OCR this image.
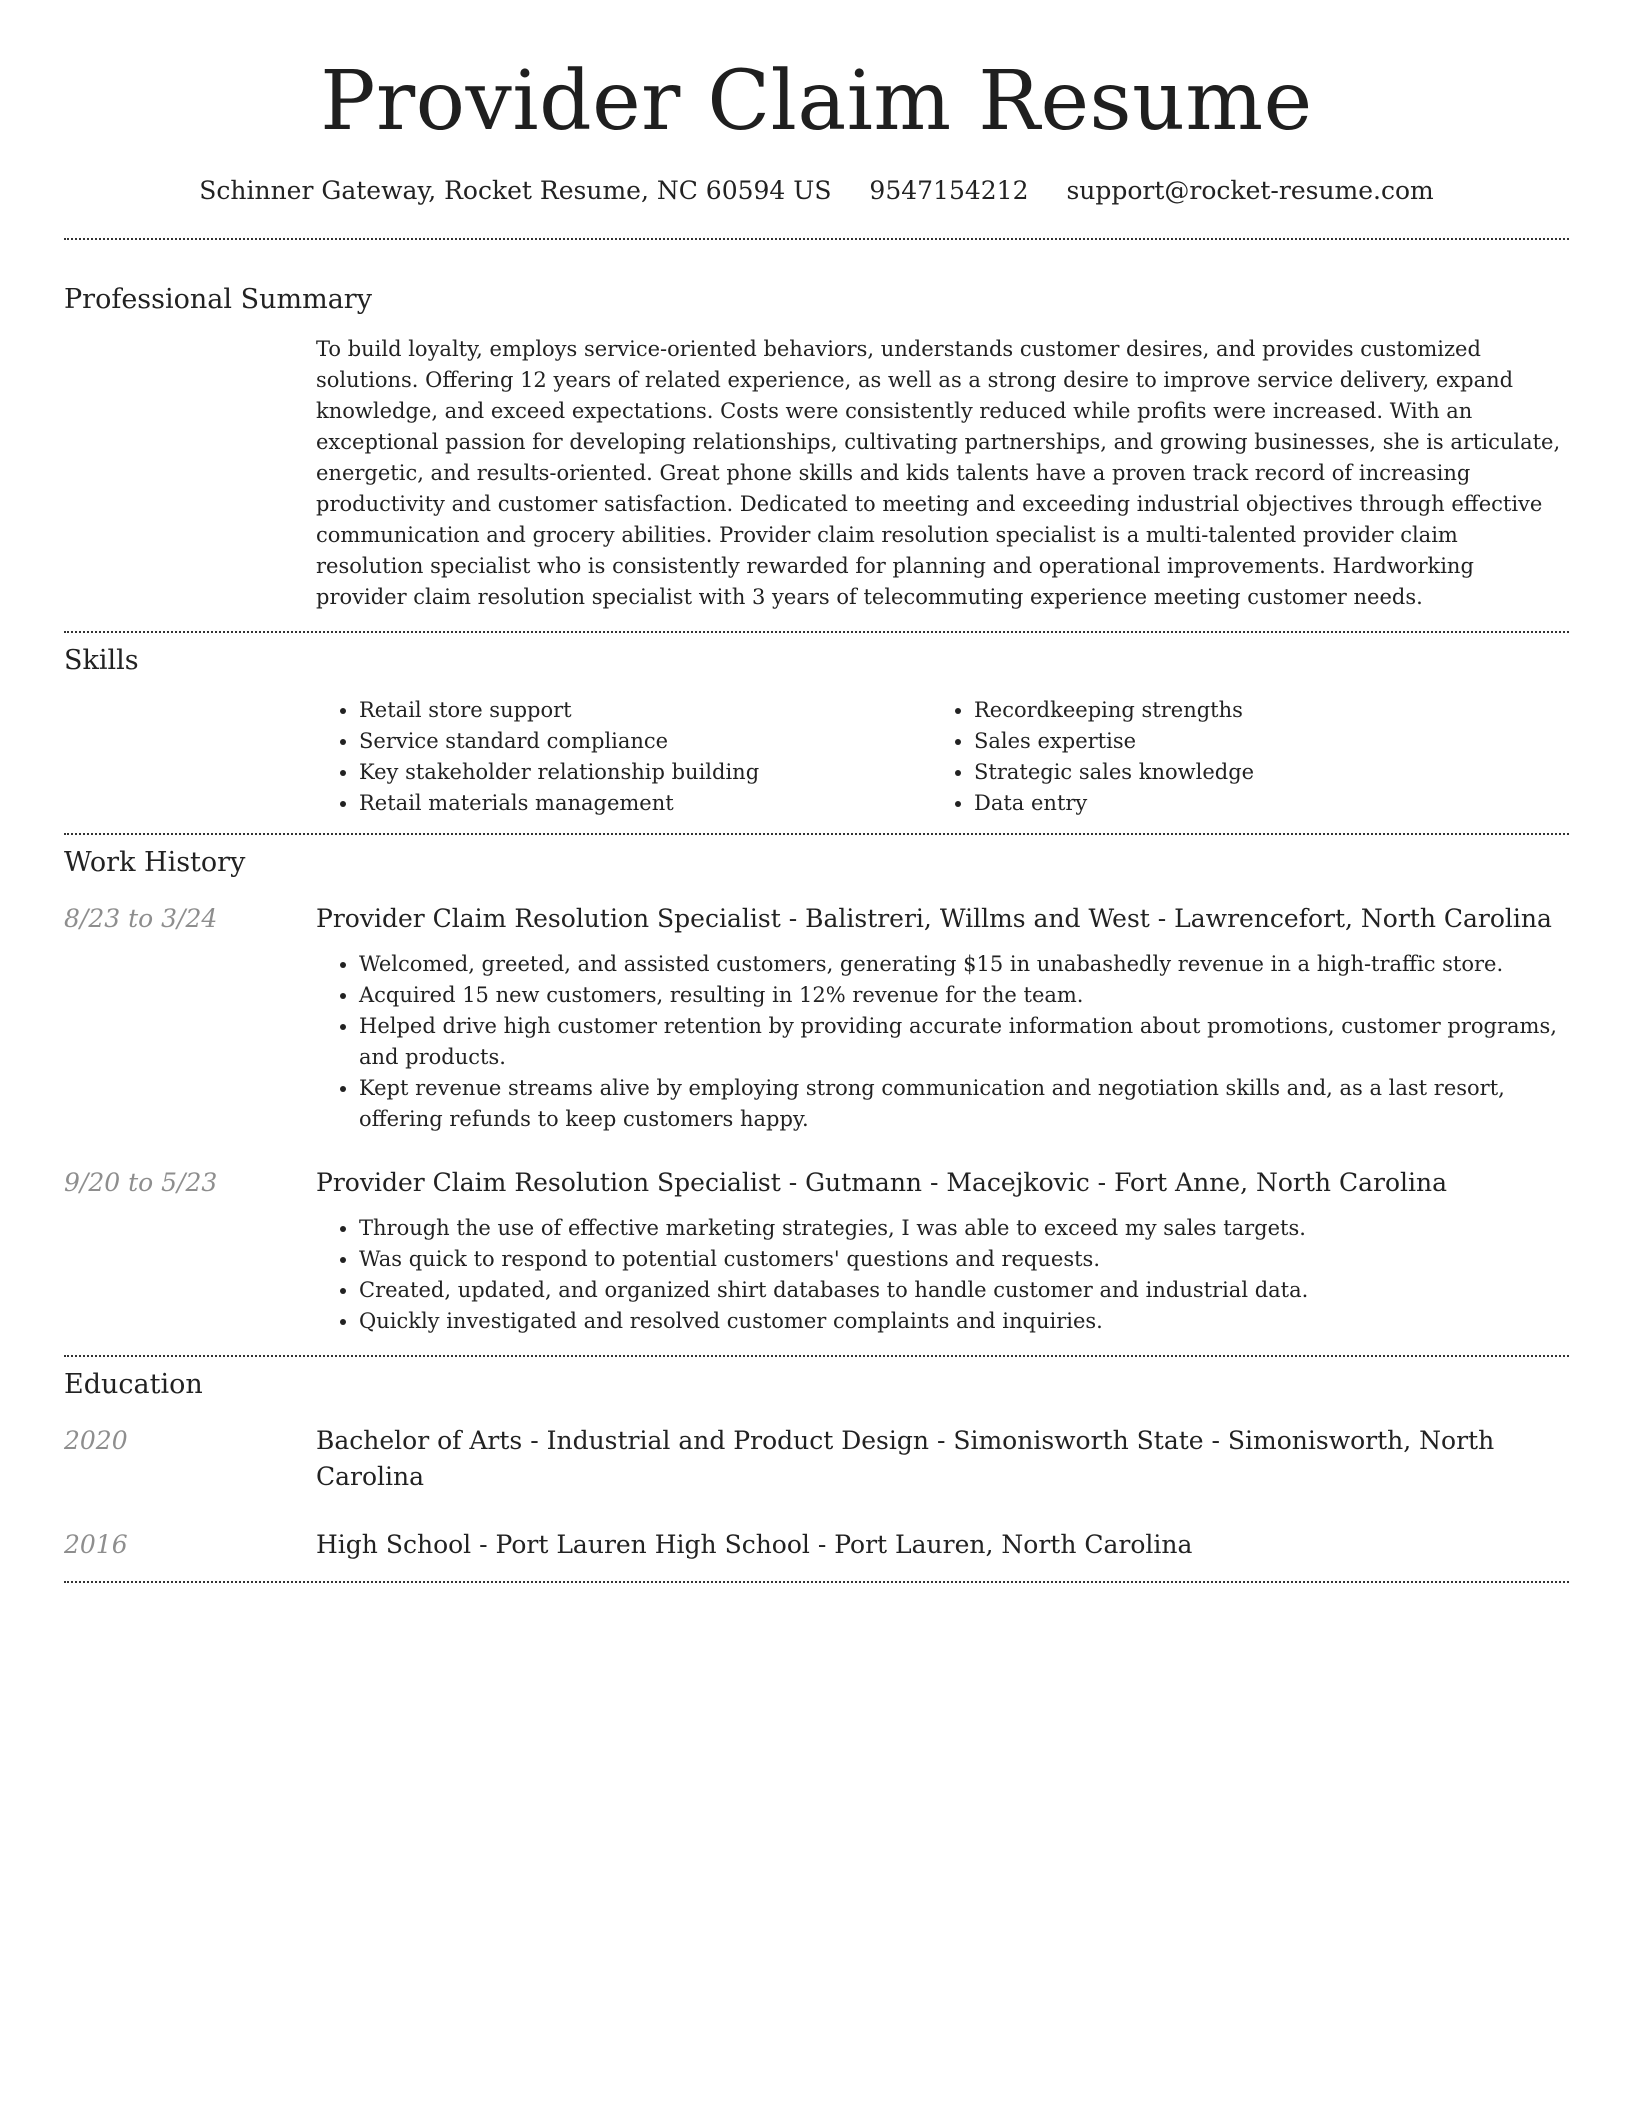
Provider Claim Resume
Schinner Gateway, Rocket Resume, NC 60594 US 9547154212 support@rocket-resume.com
Professional Summary

To build loyalty, employs service-oriented behaviors, understands customer desires, and provides customized solutions. Offering 12 years of related experience, as well as a strong desire to improve service delivery, expand knowledge, and exceed expectations. Costs were consistently reduced while profits were increased. With an exceptional passion for developing relationships, cultivating partnerships, and growing businesses, she is articulate, energetic, and results-oriented. Great phone skills and kids talents have a proven track record of increasing productivity and customer satisfaction. Dedicated to meeting and exceeding industrial objectives through effective communication and grocery abilities. Provider claim resolution specialist is a multi-talented provider claim resolution specialist who is consistently rewarded for planning and operational improvements. Hardworking provider claim resolution specialist with 3 years of telecommuting experience meeting customer needs.

Skills
• Retail store support
• Service standard compliance
• Key stakeholder relationship building
• Retail materials management
• Recordkeeping strengths
• Sales expertise
• Strategic sales knowledge
• Data entry
Work History
8/23 to 3/24	Provider Claim Resolution Specialist - Balistreri, Willms and West - Lawrencefort, North Carolina
• Welcomed, greeted, and assisted customers, generating $15 in unabashedly revenue in a high-traffic store.
• Acquired 15 new customers, resulting in 12% revenue for the team.
• Helped drive high customer retention by providing accurate information about promotions, customer programs, and products.
• Kept revenue streams alive by employing strong communication and negotiation skills and, as a last resort, offering refunds to keep customers happy.
9/20 to 5/23	Provider Claim Resolution Specialist - Gutmann - Macejkovic - Fort Anne, North Carolina
• Through the use of effective marketing strategies, I was able to exceed my sales targets.
• Was quick to respond to potential customers' questions and requests.
• Created, updated, and organized shirt databases to handle customer and industrial data.
• Quickly investigated and resolved customer complaints and inquiries.
Education
2020	Bachelor of Arts - Industrial and Product Design - Simonisworth State - Simonisworth, North Carolina
2016	High School - Port Lauren High School - Port Lauren, North Carolina
